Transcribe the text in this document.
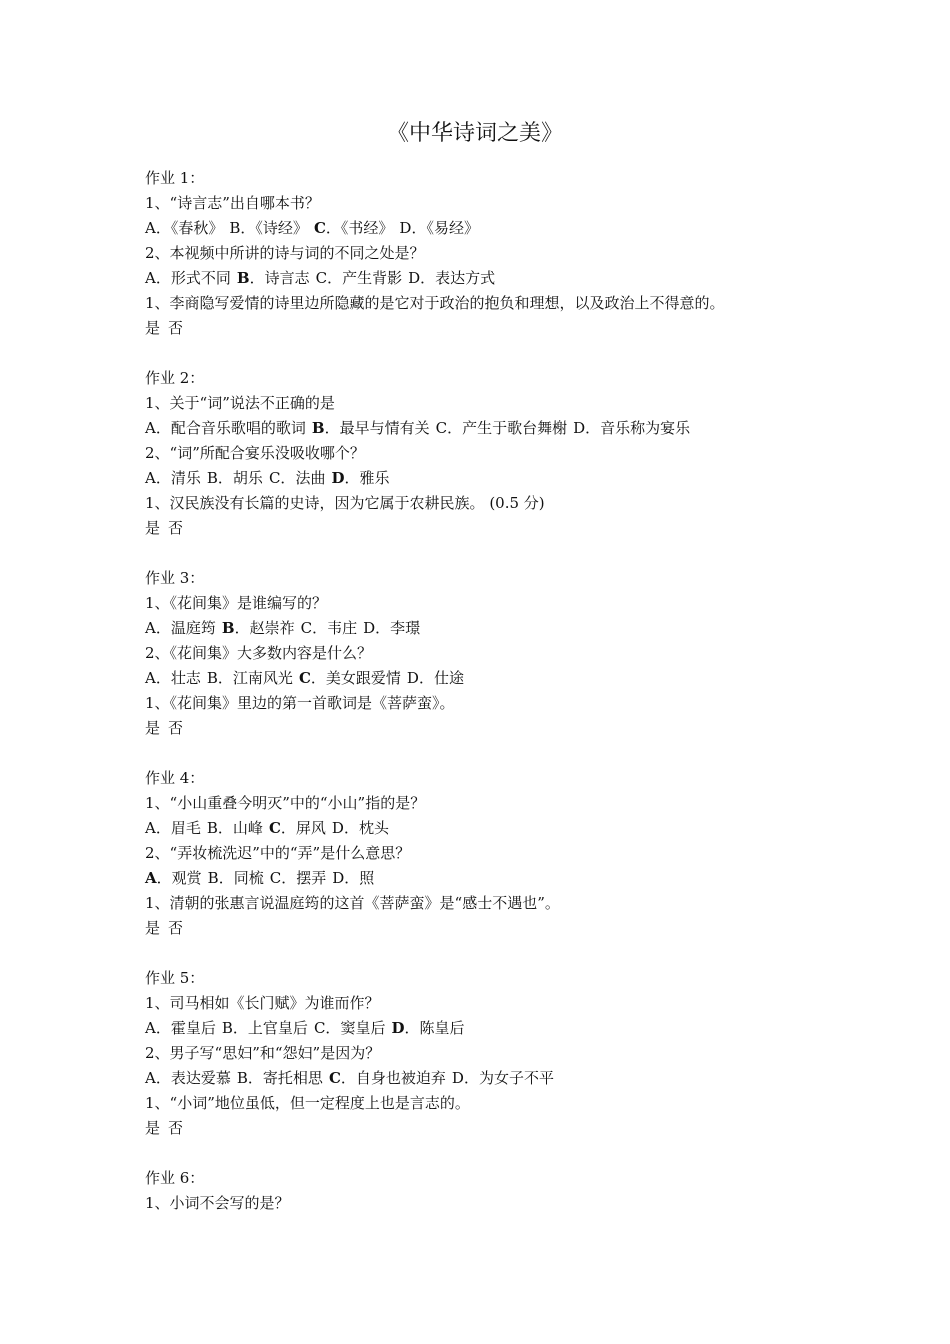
《中华诗词之美》
作业 1：
1、“诗言志”出自哪本书？
A．《春秋》 B．《诗经》 C．《书经》 D．《易经》
2、本视频中所讲的诗与词的不同之处是？
A．形式不同 B．诗言志 C．产生背影 D．表达方式
1、李商隐写爱情的诗里边所隐藏的是它对于政治的抱负和理想，以及政治上不得意的。
是 否
作业 2：
1、关于“词”说法不正确的是
A．配合音乐歌唱的歌词 B．最早与情有关 C．产生于歌台舞榭 D．音乐称为宴乐
2、“词”所配合宴乐没吸收哪个？
A．清乐 B．胡乐 C．法曲 D．雅乐
1、汉民族没有长篇的史诗，因为它属于农耕民族。 (0.5 分)
是 否
作业 3：
1、《花间集》是谁编写的？
A．温庭筠 B．赵崇祚 C．韦庄 D．李璟
2、《花间集》大多数内容是什么？
A．壮志 B．江南风光 C．美女跟爱情 D．仕途
1、《花间集》里边的第一首歌词是《菩萨蛮》。
是 否
作业 4：
1、“小山重叠今明灭”中的“小山”指的是？
A．眉毛 B．山峰 C．屏风 D．枕头
2、“弄妆梳洗迟”中的“弄”是什么意思？
A．观赏 B．同梳 C．摆弄 D．照
1、清朝的张惠言说温庭筠的这首《菩萨蛮》是“感士不遇也”。
是 否
作业 5：
1、司马相如《长门赋》为谁而作？
A．霍皇后 B．上官皇后 C．窦皇后 D．陈皇后
2、男子写“思妇”和“怨妇”是因为？
A．表达爱慕 B．寄托相思 C．自身也被迫弃 D．为女子不平
1、“小词”地位虽低，但一定程度上也是言志的。
是 否
作业 6：
1、小词不会写的是？
